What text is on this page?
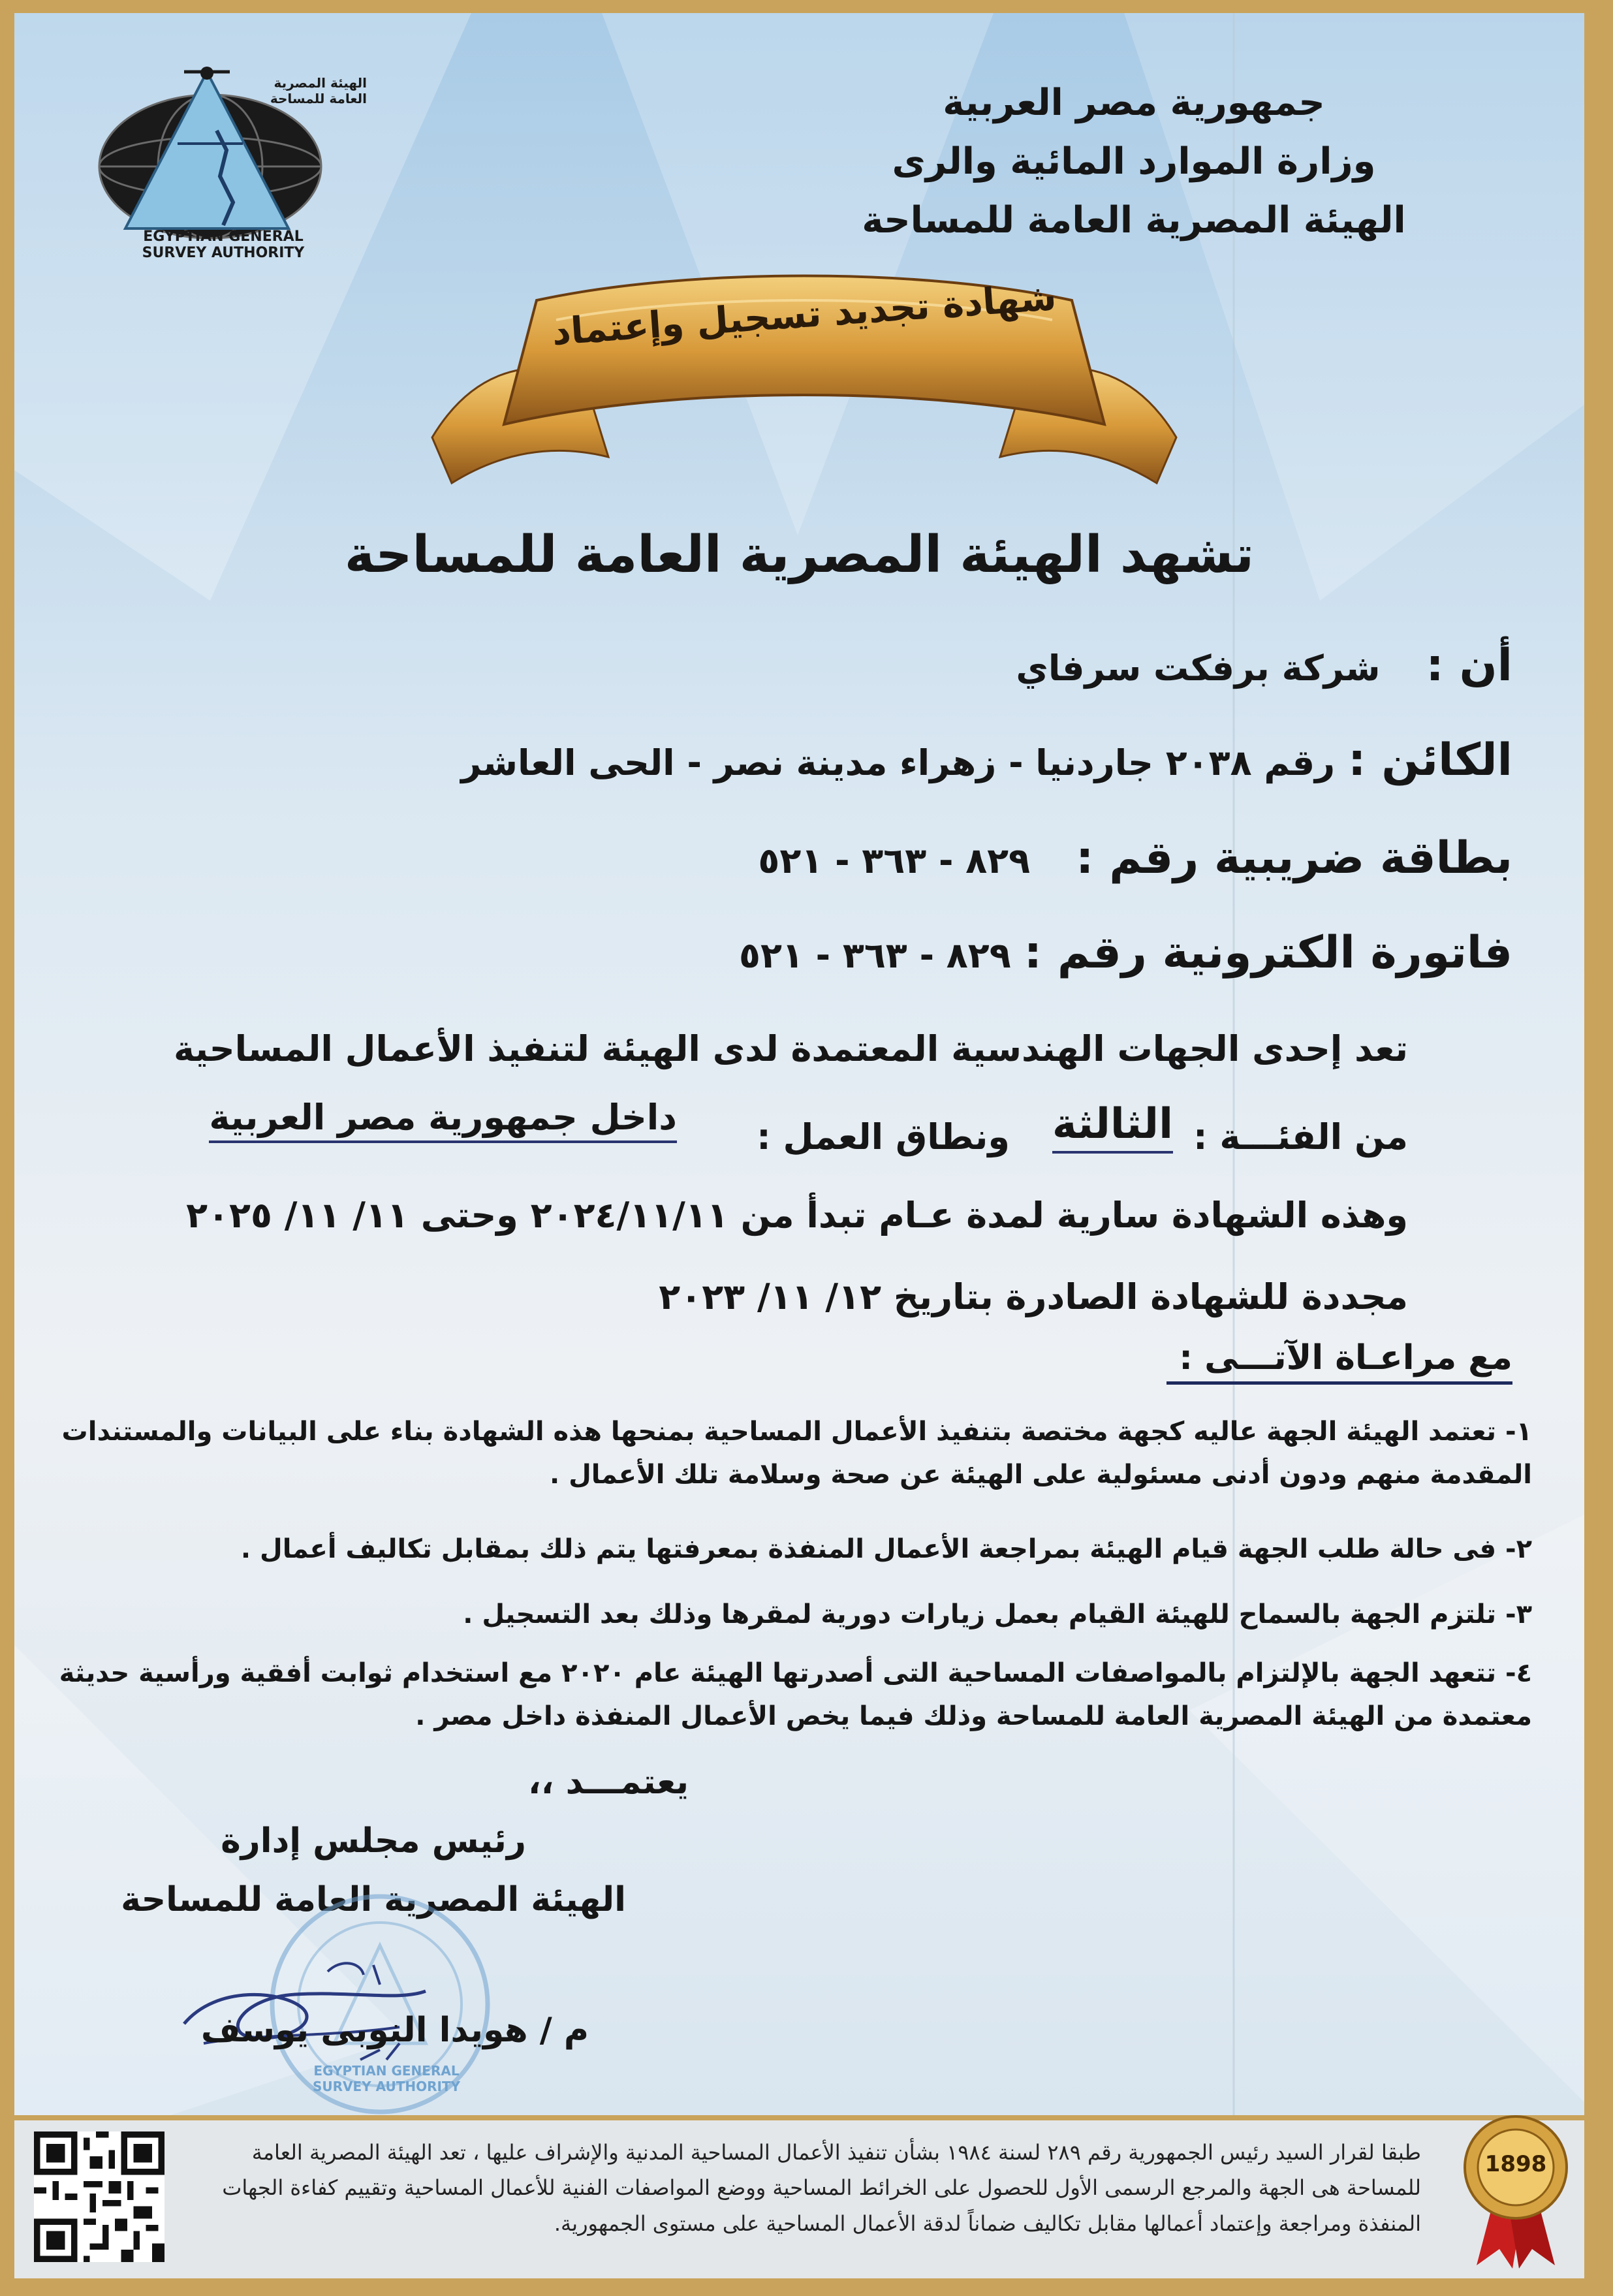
EGYPTIAN GENERAL SURVEY AUTHORITY
الهيئة المصرية العامة للمساحة	جمهورية مصر العربية
وزارة الموارد المائية والرى
الهيئة المصرية العامة للمساحة
شهادة تجديد تسجيل وإعتماد
تشهد الهيئة المصرية العامة للمساحة
أن:شركة برفكت سرفاي
الكائن:رقم ٢٠٣٨ جاردنيا - زهراء مدينة نصر - الحى العاشر
بطاقة ضريبية رقم:٨٢٩ - ٣٦٣ - ٥٢١
فاتورة الكترونية رقم:٨٢٩ - ٣٦٣ - ٥٢١
تعد إحدى الجهات الهندسية المعتمدة لدى الهيئة لتنفيذ الأعمال المساحية
من الفئـــة :
الثالثة
ونطاق العمل :
داخل جمهورية مصر العربية
وهذه الشهادة سارية لمدة عـام تبدأ من ٢٠٢٤/١١/١١ وحتى ١١/ ١١/ ٢٠٢٥
مجددة للشهادة الصادرة بتاريخ ١٢/ ١١/ ٢٠٢٣
مع مراعـاة الآتـــى :
١- تعتمد الهيئة الجهة عاليه كجهة مختصة بتنفيذ الأعمال المساحية بمنحها هذه الشهادة بناء على البيانات والمستندات المقدمة منهم ودون أدنى مسئولية على الهيئة عن صحة وسلامة تلك الأعمال .
٢- فى حالة طلب الجهة قيام الهيئة بمراجعة الأعمال المنفذة بمعرفتها يتم ذلك بمقابل تكاليف أعمال .
٣- تلتزم الجهة بالسماح للهيئة القيام بعمل زيارات دورية لمقرها وذلك بعد التسجيل .
٤- تتعهد الجهة بالإلتزام بالمواصفات المساحية التى أصدرتها الهيئة عام ٢٠٢٠ مع استخدام ثوابت أفقية ورأسية حديثة معتمدة من الهيئة المصرية العامة للمساحة وذلك فيما يخص الأعمال المنفذة داخل مصر .
يعتمـــد ،،
رئيس مجلس إدارة
الهيئة المصرية العامة للمساحة
EGYPTIAN GENERAL SURVEY AUTHORITY
م / هويدا النوبى يوسف
طبقا لقرار السيد رئيس الجمهورية رقم ٢٨٩ لسنة ١٩٨٤ بشأن تنفيذ الأعمال المساحية المدنية والإشراف عليها ، تعد الهيئة المصرية العامة للمساحة هى الجهة والمرجع الرسمى الأول للحصول على الخرائط المساحية ووضع المواصفات الفنية للأعمال المساحية وتقييم كفاءة الجهات المنفذة ومراجعة وإعتماد أعمالها مقابل تكاليف ضماناً لدقة الأعمال المساحية على مستوى الجمهورية.
1898
